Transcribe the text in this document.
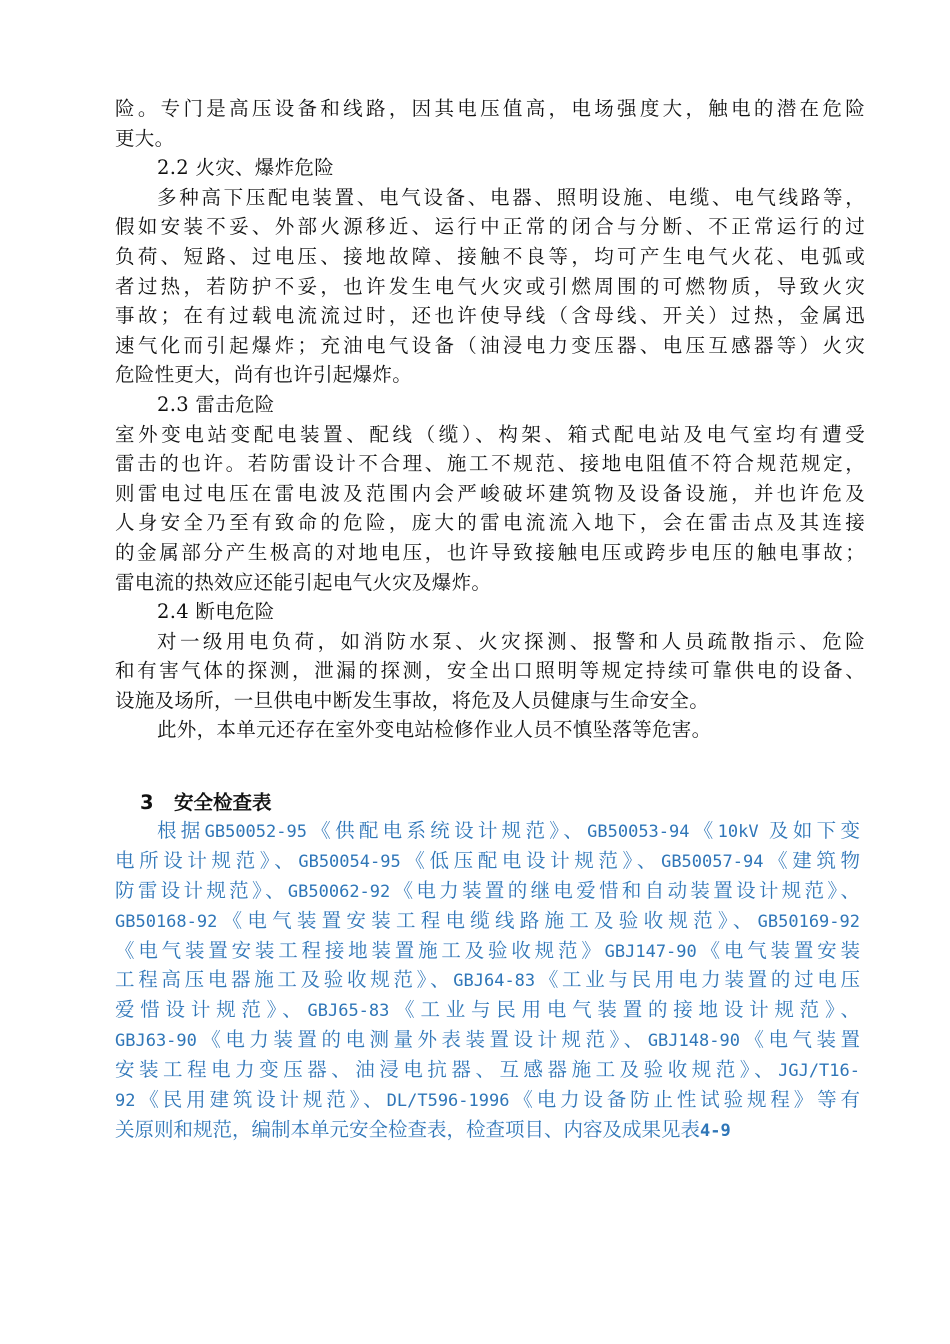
险。专门是高压设备和线路，因其电压值高，电场强度大，触电的潜在危险
更大。
2.2 火灾、爆炸危险
多种高下压配电装置、电气设备、电器、照明设施、电缆、电气线路等，
假如安装不妥、外部火源移近、运行中正常的闭合与分断、不正常运行的过
负荷、短路、过电压、接地故障、接触不良等，均可产生电气火花、电弧或
者过热，若防护不妥，也许发生电气火灾或引燃周围的可燃物质，导致火灾
事故；在有过载电流流过时，还也许使导线（含母线、开关）过热，金属迅
速气化而引起爆炸；充油电气设备（油浸电力变压器、电压互感器等）火灾
危险性更大，尚有也许引起爆炸。
2.3 雷击危险
室外变电站变配电装置、配线（缆）、构架、箱式配电站及电气室均有遭受
雷击的也许。若防雷设计不合理、施工不规范、接地电阻值不符合规范规定，
则雷电过电压在雷电波及范围内会严峻破坏建筑物及设备设施，并也许危及
人身安全乃至有致命的危险，庞大的雷电流流入地下，会在雷击点及其连接
的金属部分产生极高的对地电压，也许导致接触电压或跨步电压的触电事故；
雷电流的热效应还能引起电气火灾及爆炸。
2.4 断电危险
对一级用电负荷，如消防水泵、火灾探测、报警和人员疏散指示、危险
和有害气体的探测，泄漏的探测，安全出口照明等规定持续可靠供电的设备、
设施及场所，一旦供电中断发生事故，将危及人员健康与生命安全。
此外，本单元还存在室外变电站检修作业人员不慎坠落等危害。
3 安全检查表
根据GB50052-95《供配电系统设计规范》、GB50053-94《10kV 及如下变
电所设计规范》、GB50054-95《低压配电设计规范》、GB50057-94《建筑物
防雷设计规范》、GB50062-92《电力装置的继电爱惜和自动装置设计规范》、
GB50168-92《电气装置安装工程电缆线路施工及验收规范》、GB50169-92
《电气装置安装工程接地装置施工及验收规范》GBJ147-90《电气装置安装
工程高压电器施工及验收规范》、GBJ64-83《工业与民用电力装置的过电压
爱惜设计规范》、GBJ65-83《工业与民用电气装置的接地设计规范》、
GBJ63-90《电力装置的电测量外表装置设计规范》、GBJ148-90《电气装置
安装工程电力变压器、油浸电抗器、互感器施工及验收规范》、JGJ/T16-
92《民用建筑设计规范》、DL/T596-1996《电力设备防止性试验规程》等有
关原则和规范，编制本单元安全检查表，检查项目、内容及成果见表4-9
